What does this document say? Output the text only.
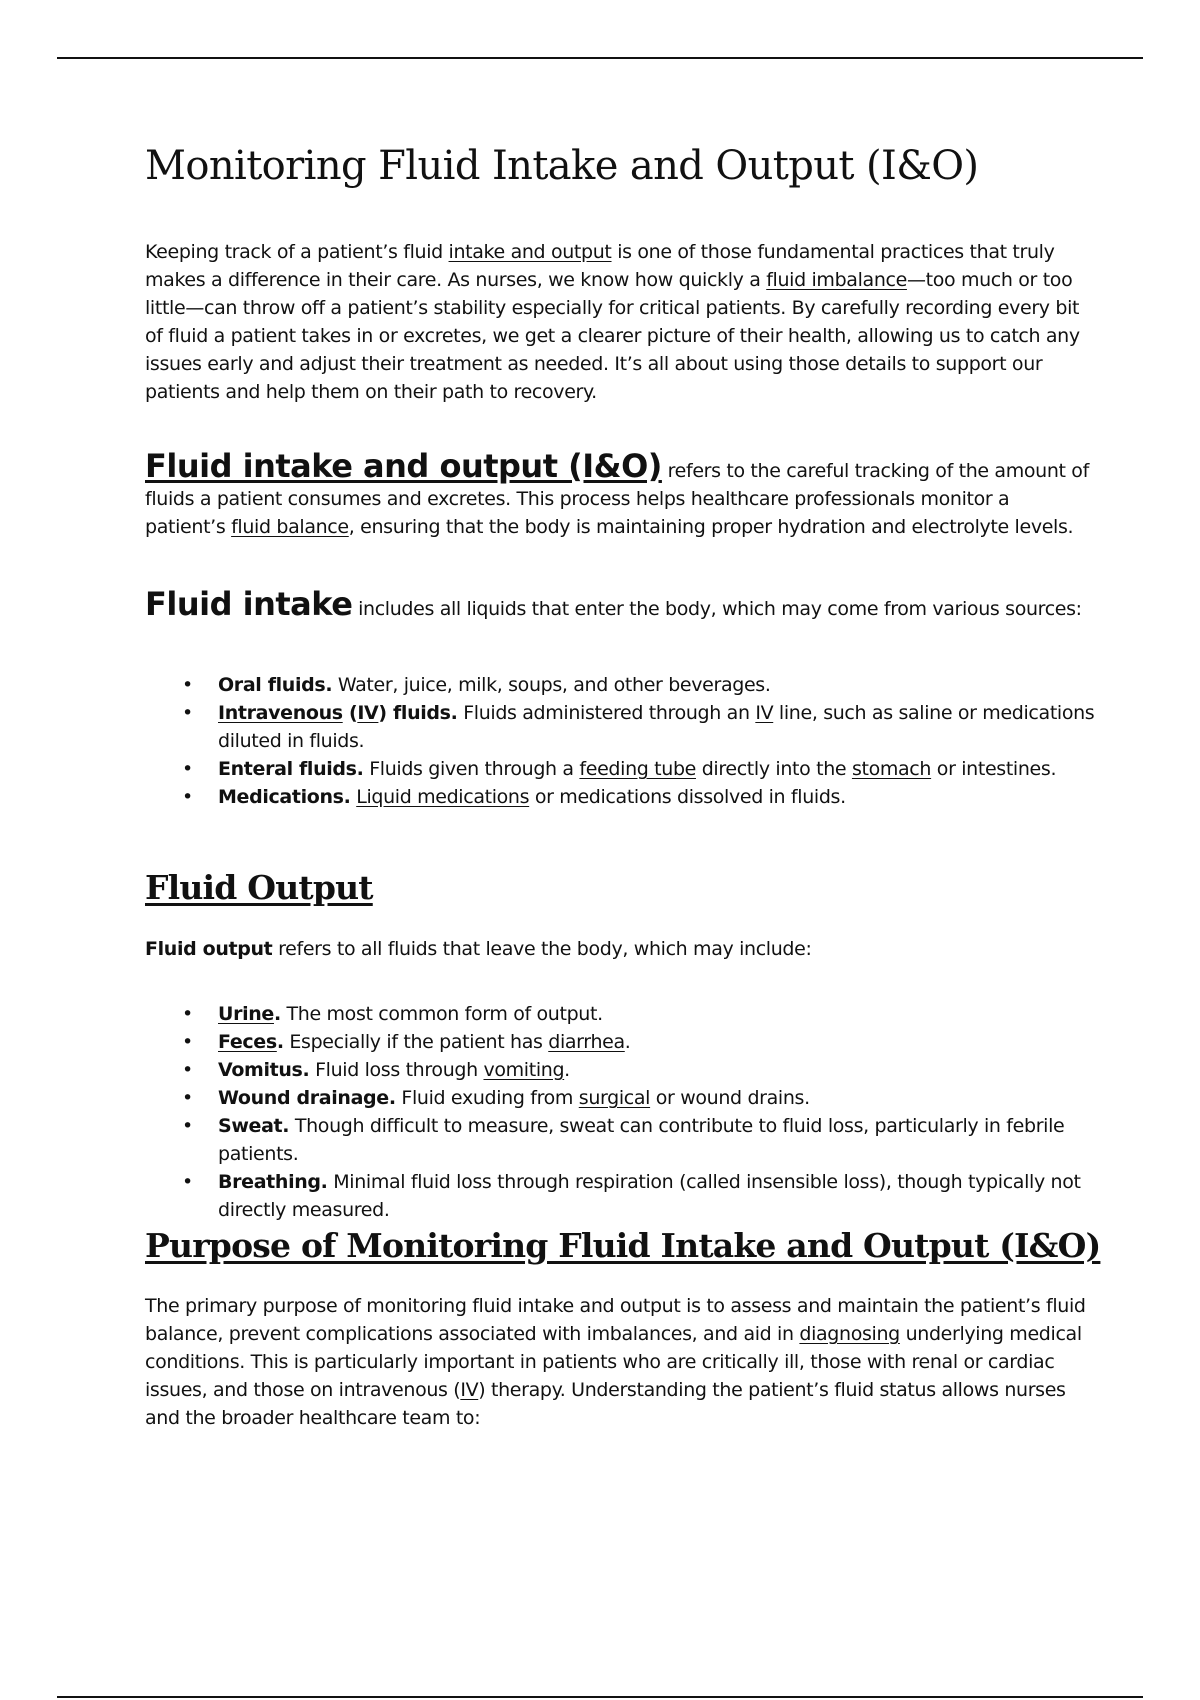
Monitoring Fluid Intake and Output (I&O)

Keeping track of a patient’s fluid intake and output is one of those fundamental practices that truly makes a difference in their care. As nurses, we know how quickly a fluid imbalance—too much or too little—can throw off a patient’s stability especially for critical patients. By carefully recording every bit of fluid a patient takes in or excretes, we get a clearer picture of their health, allowing us to catch any issues early and adjust their treatment as needed. It’s all about using those details to support our patients and help them on their path to recovery.

Fluid intake and output (I&O) refers to the careful tracking of the amount of fluids a patient consumes and excretes. This process helps healthcare professionals monitor a patient’s fluid balance, ensuring that the body is maintaining proper hydration and electrolyte levels.

Fluid intake includes all liquids that enter the body, which may come from various sources:

• Oral fluids. Water, juice, milk, soups, and other beverages.
• Intravenous (IV) fluids. Fluids administered through an IV line, such as saline or medications diluted in fluids.
• Enteral fluids. Fluids given through a feeding tube directly into the stomach or intestines.
• Medications. Liquid medications or medications dissolved in fluids.
Fluid Output

Fluid output refers to all fluids that leave the body, which may include:

• Urine. The most common form of output.
• Feces. Especially if the patient has diarrhea.
• Vomitus. Fluid loss through vomiting.
• Wound drainage. Fluid exuding from surgical or wound drains.
• Sweat. Though difficult to measure, sweat can contribute to fluid loss, particularly in febrile patients.
• Breathing. Minimal fluid loss through respiration (called insensible loss), though typically not directly measured.
Purpose of Monitoring Fluid Intake and Output (I&O)

The primary purpose of monitoring fluid intake and output is to assess and maintain the patient’s fluid balance, prevent complications associated with imbalances, and aid in diagnosing underlying medical conditions. This is particularly important in patients who are critically ill, those with renal or cardiac issues, and those on intravenous (IV) therapy. Understanding the patient’s fluid status allows nurses and the broader healthcare team to:
